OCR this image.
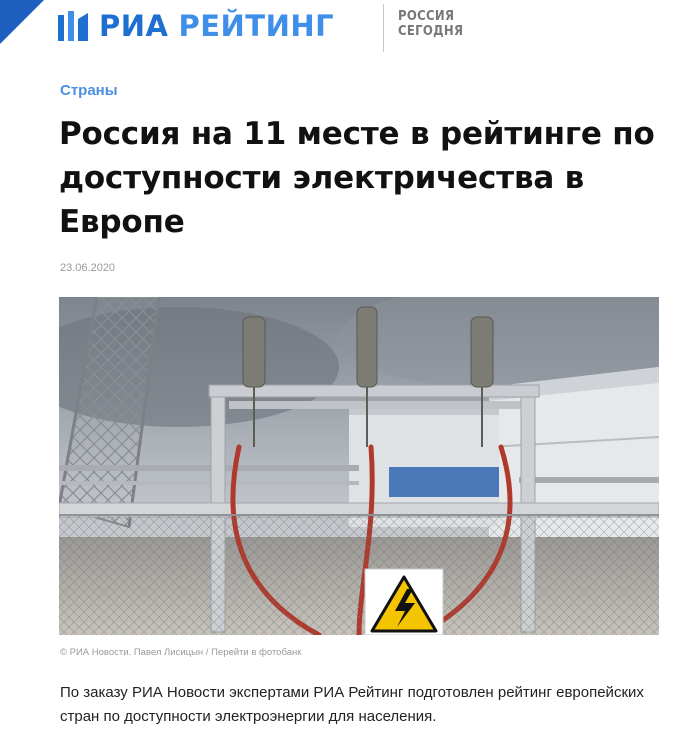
РИА РЕЙТИНГ	РОССИЯ
СЕГОДНЯ
Страны
Россия на 11 месте в рейтинге по доступности электричества в Европе
23.06.2020
© РИА Новости. Павел Лисицын / Перейти в фотобанк

По заказу РИА Новости экспертами РИА Рейтинг подготовлен рейтинг европейских стран по доступности электроэнергии для населения.
